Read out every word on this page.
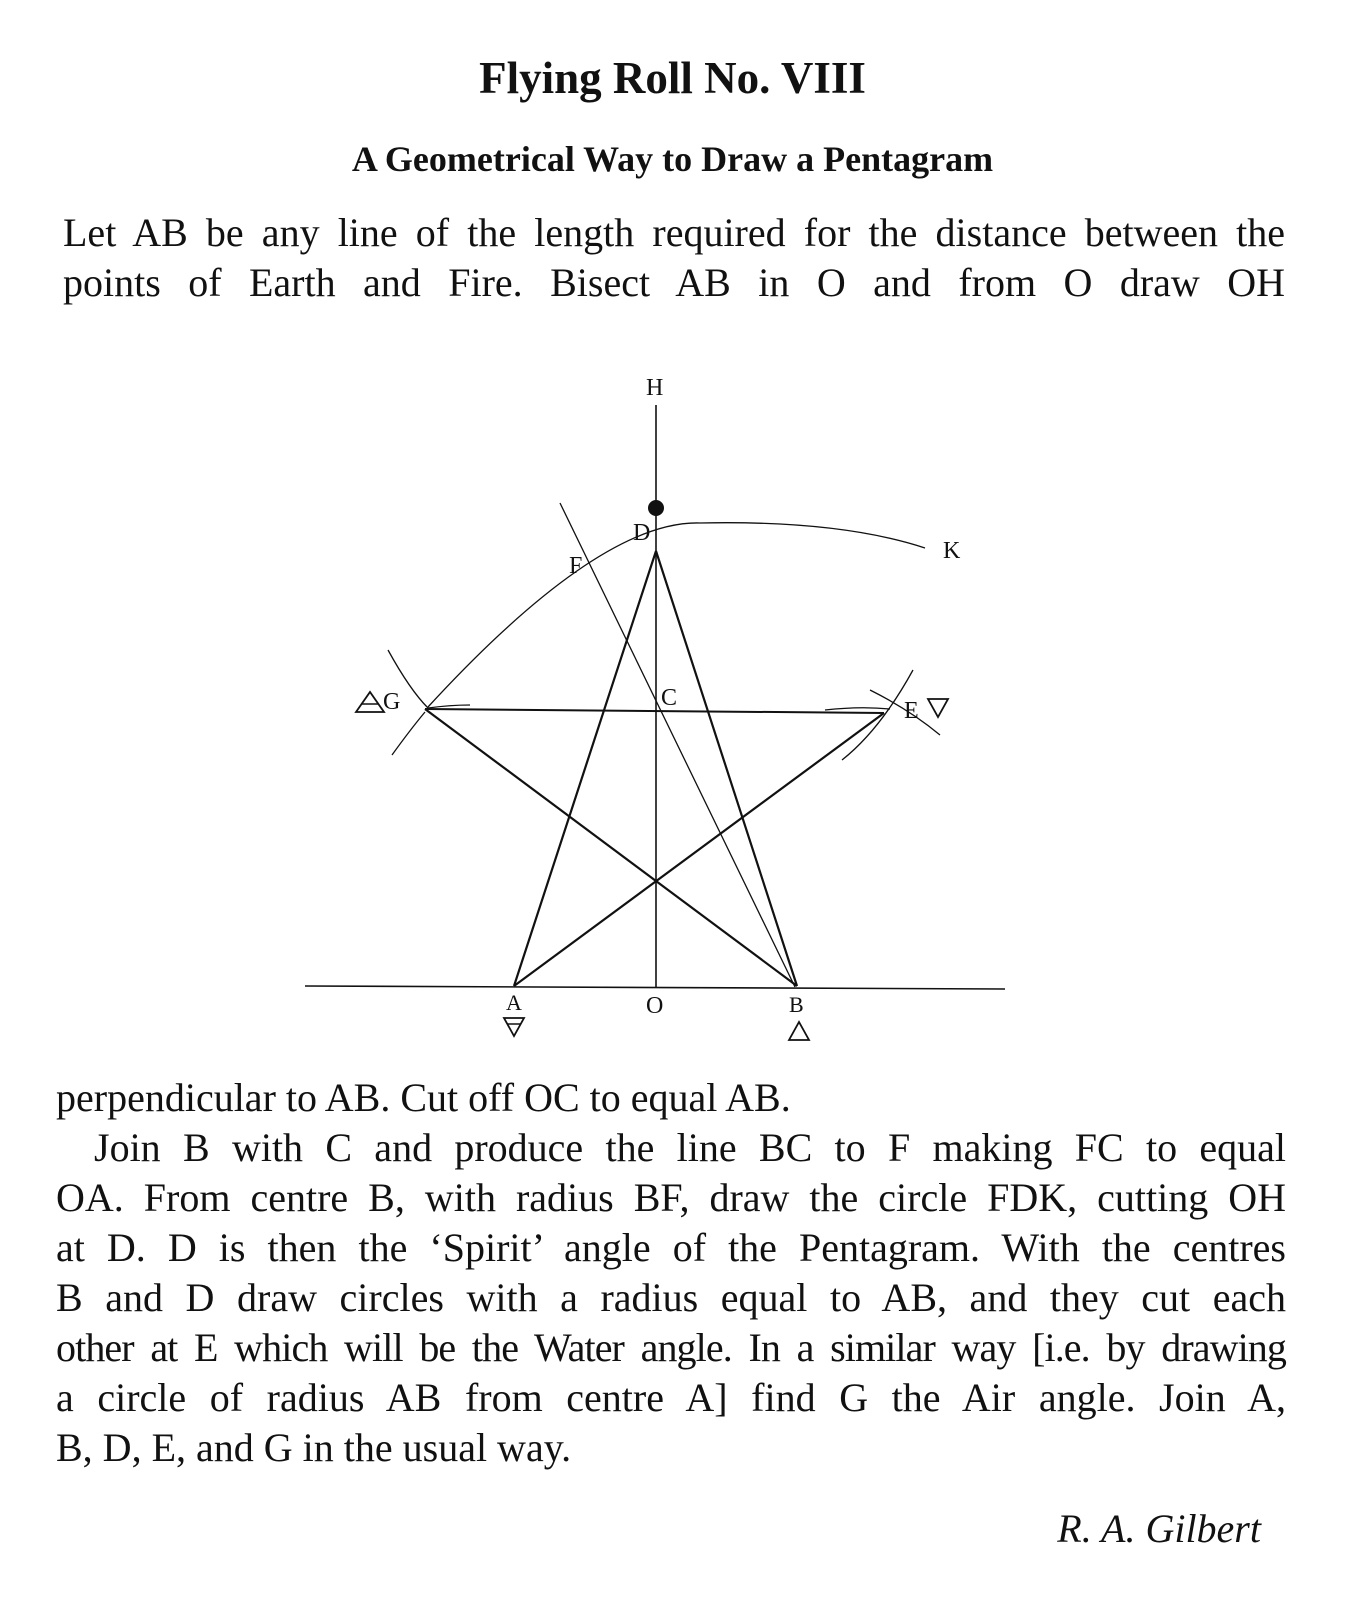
Flying Roll No. VIII
A Geometrical Way to Draw a Pentagram

Let AB be any line of the length required for the distance between the points of Earth and Fire. Bisect AB in O and from O draw OH

H
D
K
F
C
G	E
A	O	B

perpendicular to AB. Cut off OC to equal AB.
Join B with C and produce the line BC to F making FC to equal
OA. From centre B, with radius BF, draw the circle FDK, cutting OH
at D. D is then the ‘Spirit’ angle of the Pentagram. With the centres
B and D draw circles with a radius equal to AB, and they cut each
other at E which will be the Water angle. In a similar way [i.e. by drawing
a circle of radius AB from centre A] find G the Air angle. Join A,
B, D, E, and G in the usual way.

R. A. Gilbert
